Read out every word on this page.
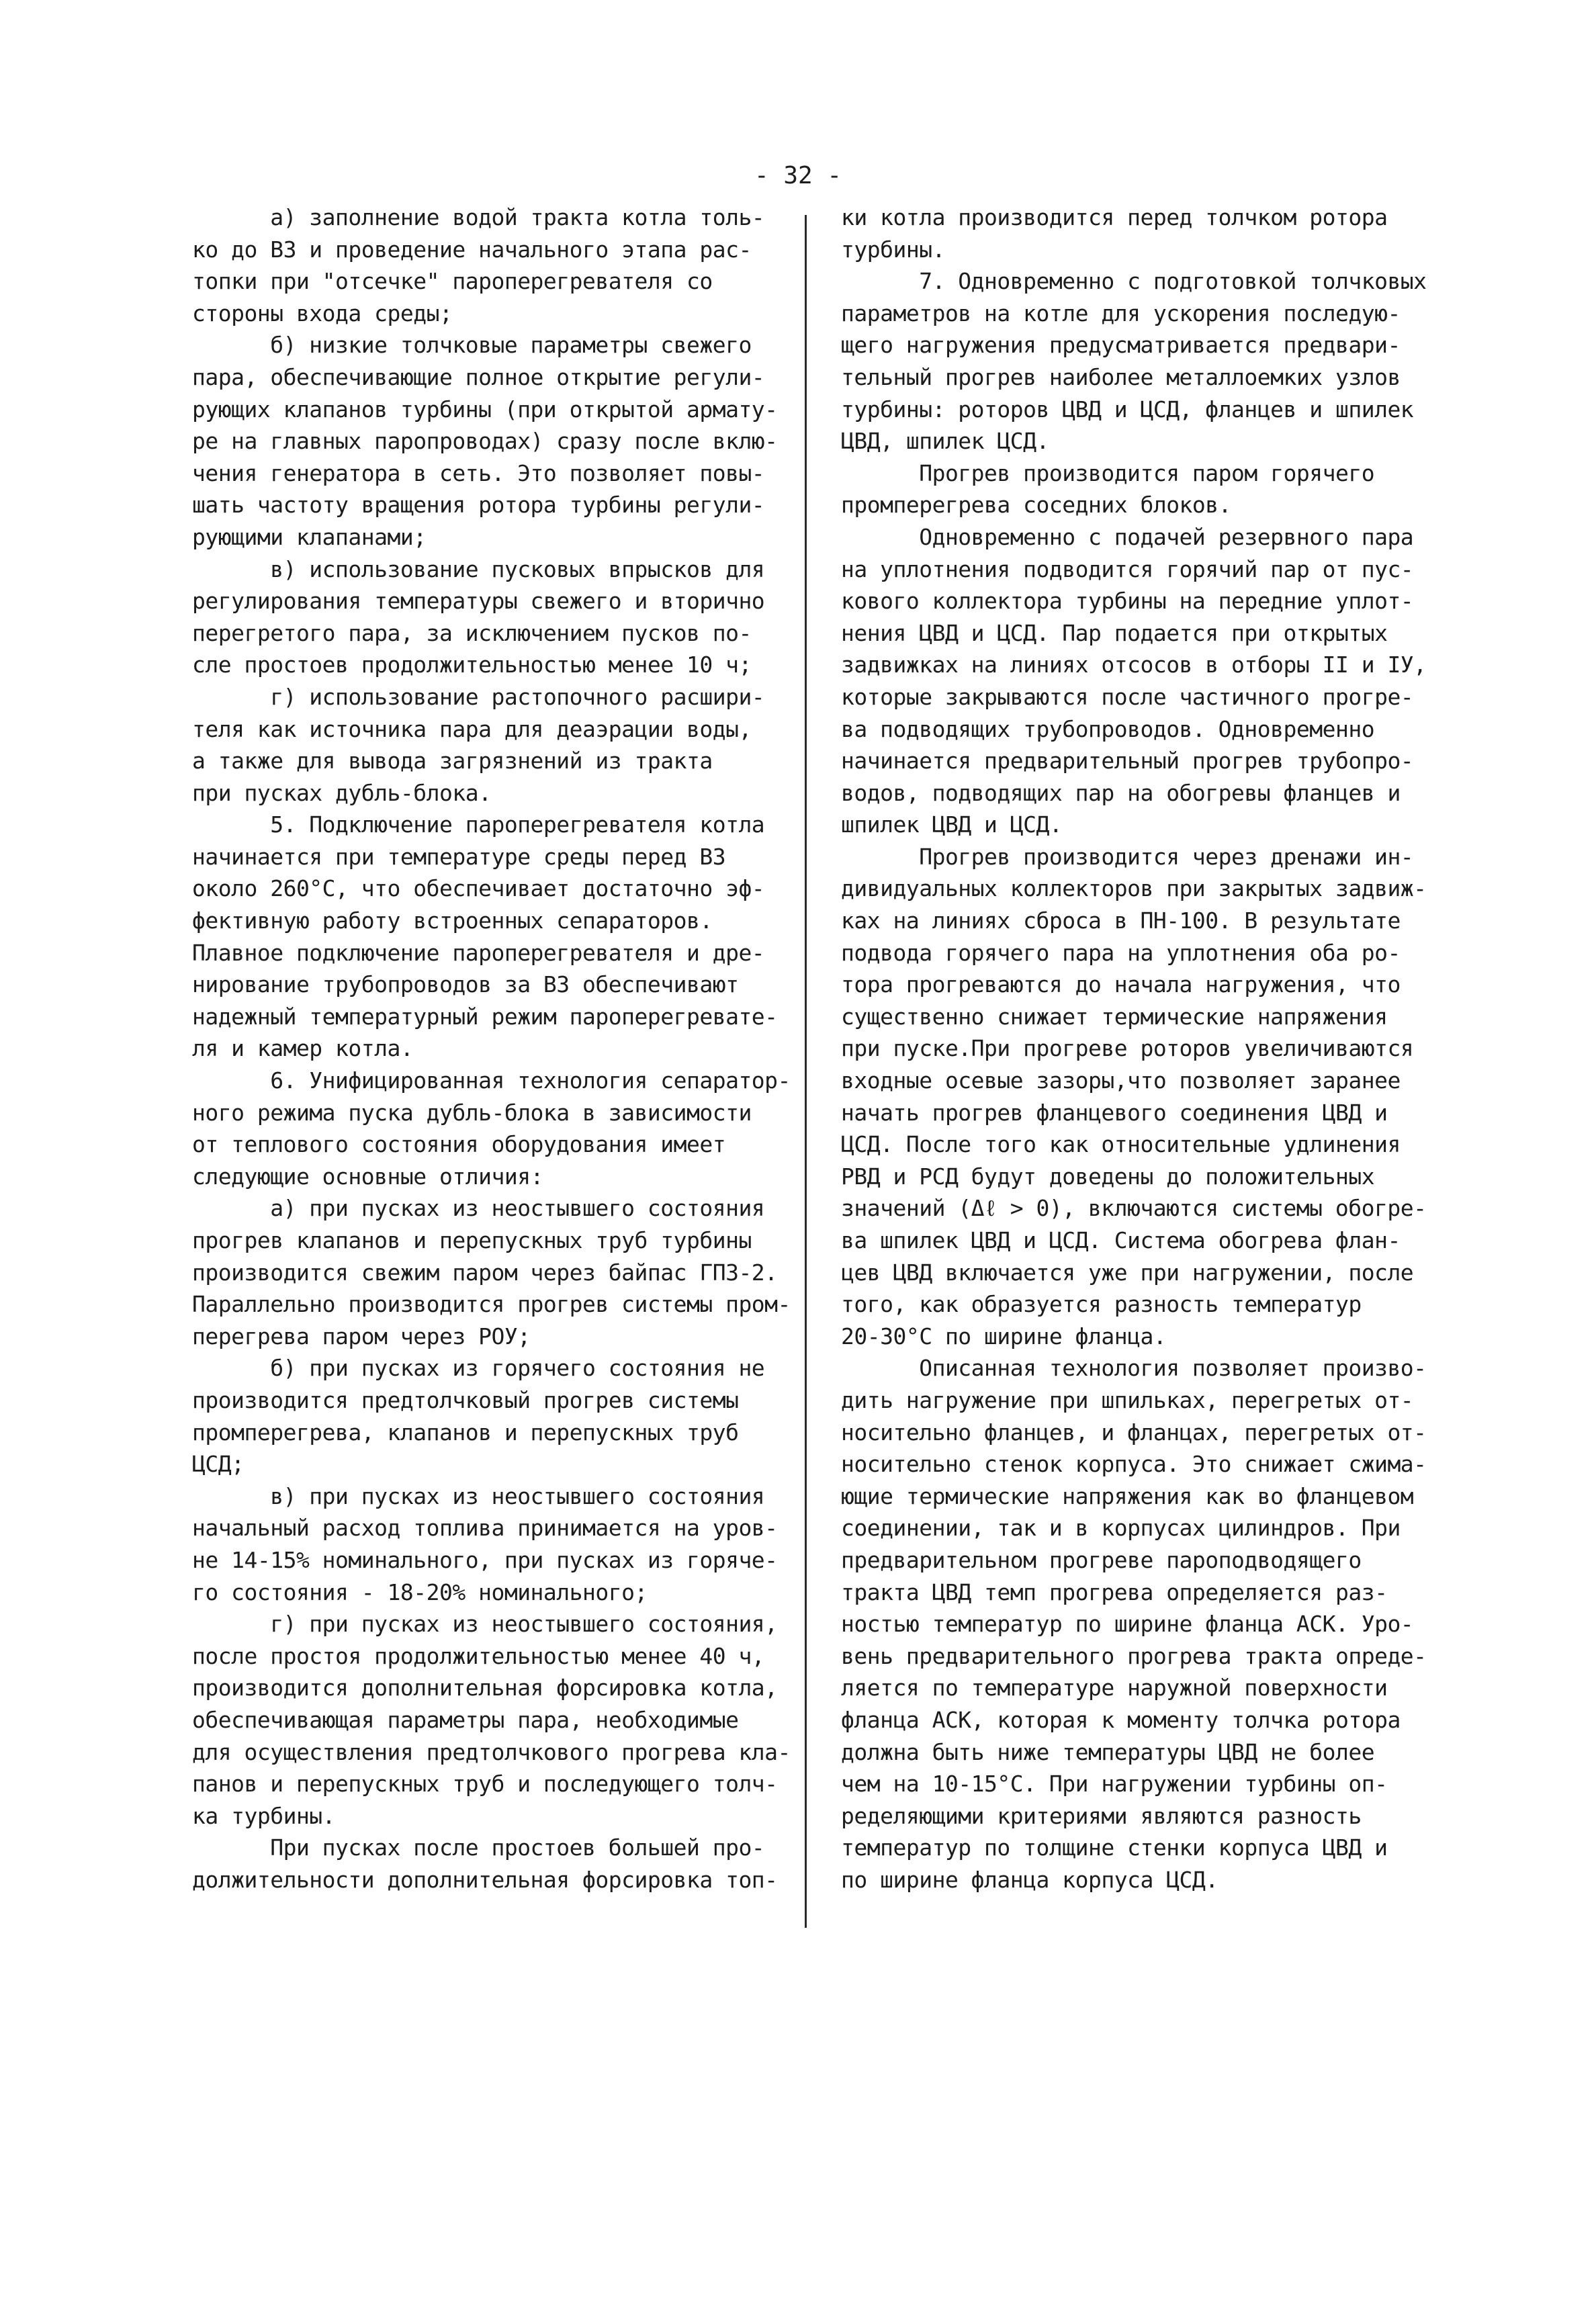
- 32 -
а) заполнение водой тракта котла толь-
ко до ВЗ и проведение начального этапа рас-
топки при "отсечке" пароперегревателя со
стороны входа среды;
б) низкие толчковые параметры свежего
пара, обеспечивающие полное открытие регули-
рующих клапанов турбины (при открытой армату-
ре на главных паропроводах) сразу после вклю-
чения генератора в сеть. Это позволяет повы-
шать частоту вращения ротора турбины регули-
рующими клапанами;
в) использование пусковых впрысков для
регулирования температуры свежего и вторично
перегретого пара, за исключением пусков по-
сле простоев продолжительностью менее 10 ч;
г) использование растопочного расшири-
теля как источника пара для деаэрации воды,
а также для вывода загрязнений из тракта
при пусках дубль-блока.
5. Подключение пароперегревателя котла
начинается при температуре среды перед ВЗ
около 260°С, что обеспечивает достаточно эф-
фективную работу встроенных сепараторов.
Плавное подключение пароперегревателя и дре-
нирование трубопроводов за ВЗ обеспечивают
надежный температурный режим пароперегревате-
ля и камер котла.
6. Унифицированная технология сепаратор-
ного режима пуска дубль-блока в зависимости
от теплового состояния оборудования имеет
следующие основные отличия:
а) при пусках из неостывшего состояния
прогрев клапанов и перепускных труб турбины
производится свежим паром через байпас ГПЗ-2.
Параллельно производится прогрев системы пром-
перегрева паром через РОУ;
б) при пусках из горячего состояния не
производится предтолчковый прогрев системы
промперегрева, клапанов и перепускных труб
ЦСД;
в) при пусках из неостывшего состояния
начальный расход топлива принимается на уров-
не 14-15% номинального, при пусках из горяче-
го состояния - 18-20% номинального;
г) при пусках из неостывшего состояния,
после простоя продолжительностью менее 40 ч,
производится дополнительная форсировка котла,
обеспечивающая параметры пара, необходимые
для осуществления предтолчкового прогрева кла-
панов и перепускных труб и последующего толч-
ка турбины.
При пусках после простоев большей про-
должительности дополнительная форсировка топ-
ки котла производится перед толчком ротора
турбины.
7. Одновременно с подготовкой толчковых
параметров на котле для ускорения последую-
щего нагружения предусматривается предвари-
тельный прогрев наиболее металлоемких узлов
турбины: роторов ЦВД и ЦСД, фланцев и шпилек
ЦВД, шпилек ЦСД.
Прогрев производится паром горячего
промперегрева соседних блоков.
Одновременно с подачей резервного пара
на уплотнения подводится горячий пар от пус-
кового коллектора турбины на передние уплот-
нения ЦВД и ЦСД. Пар подается при открытых
задвижках на линиях отсосов в отборы II и IУ,
которые закрываются после частичного прогре-
ва подводящих трубопроводов. Одновременно
начинается предварительный прогрев трубопро-
водов, подводящих пар на обогревы фланцев и
шпилек ЦВД и ЦСД.
Прогрев производится через дренажи ин-
дивидуальных коллекторов при закрытых задвиж-
ках на линиях сброса в ПН-100. В результате
подвода горячего пара на уплотнения оба ро-
тора прогреваются до начала нагружения, что
существенно снижает термические напряжения
при пуске.При прогреве роторов увеличиваются
входные осевые зазоры,что позволяет заранее
начать прогрев фланцевого соединения ЦВД и
ЦСД. После того как относительные удлинения
РВД и РСД будут доведены до положительных
значений (Δℓ > 0), включаются системы обогре-
ва шпилек ЦВД и ЦСД. Система обогрева флан-
цев ЦВД включается уже при нагружении, после
того, как образуется разность температур
20-30°С по ширине фланца.
Описанная технология позволяет произво-
дить нагружение при шпильках, перегретых от-
носительно фланцев, и фланцах, перегретых от-
носительно стенок корпуса. Это снижает сжима-
ющие термические напряжения как во фланцевом
соединении, так и в корпусах цилиндров. При
предварительном прогреве пароподводящего
тракта ЦВД темп прогрева определяется раз-
ностью температур по ширине фланца АСК. Уро-
вень предварительного прогрева тракта опреде-
ляется по температуре наружной поверхности
фланца АСК, которая к моменту толчка ротора
должна быть ниже температуры ЦВД не более
чем на 10-15°С. При нагружении турбины оп-
ределяющими критериями являются разность
температур по толщине стенки корпуса ЦВД и
по ширине фланца корпуса ЦСД.
